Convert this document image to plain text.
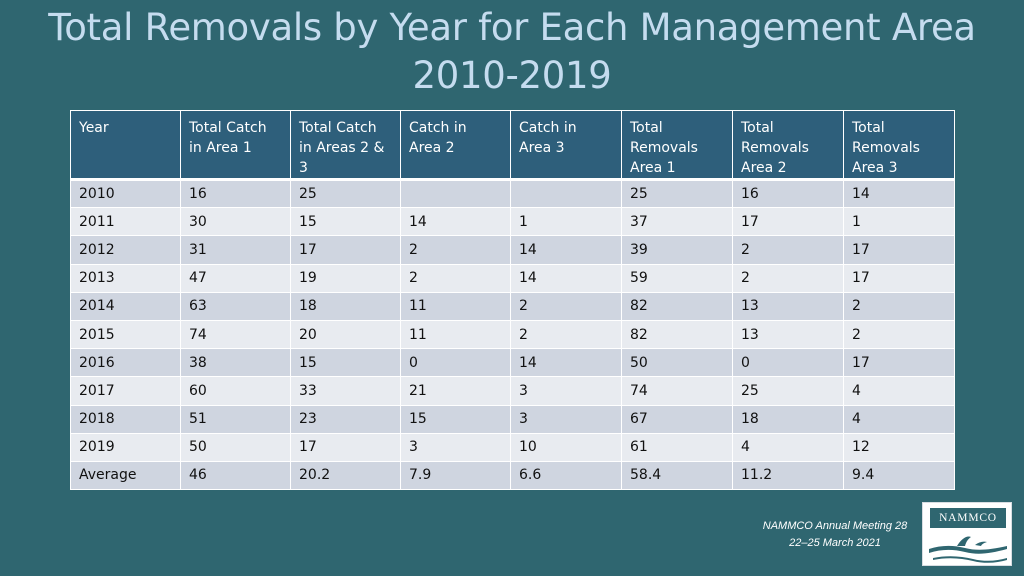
Total Removals by Year for Each Management Area
2010-2019
Year	Total Catch in Area 1	Total Catch in Areas 2 & 3	Catch in Area 2	Catch in Area 3	Total Removals Area 1	Total Removals Area 2	Total Removals Area 3
2010	16	25			25	16	14
2011	30	15	14	1	37	17	1
2012	31	17	2	14	39	2	17
2013	47	19	2	14	59	2	17
2014	63	18	11	2	82	13	2
2015	74	20	11	2	82	13	2
2016	38	15	0	14	50	0	17
2017	60	33	21	3	74	25	4
2018	51	23	15	3	67	18	4
2019	50	17	3	10	61	4	12
Average	46	20.2	7.9	6.6	58.4	11.2	9.4
NAMMCO Annual Meeting 28
22–25 March 2021
NAMMCO
